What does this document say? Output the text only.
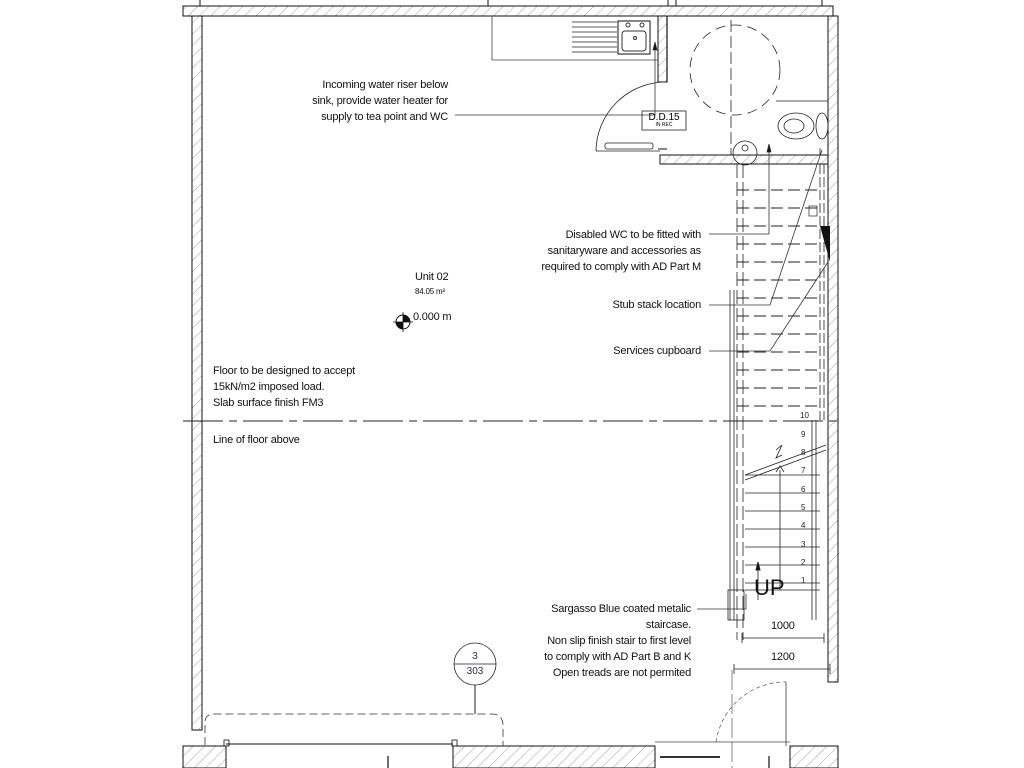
Incoming water riser below
sink, provide water heater for
supply to tea point and WC	D.D.15
IN REC
Disabled WC to be fitted with
sanitaryware and accessories as
required to comply with AD Part M
Stub stack location
Services cupboard
Unit 02
84.05 m²
0.000 m
Floor to be designed to accept
15kN/m2 imposed load.
Slab surface finish FM3
Line of floor above
10
9
8
7
6
5
4
3
2
1
UP
Sargasso Blue coated metalic
staircase.
Non slip finish stair to first level
to comply with AD Part B and K
Open treads are not permited
1000
1200
3
303
